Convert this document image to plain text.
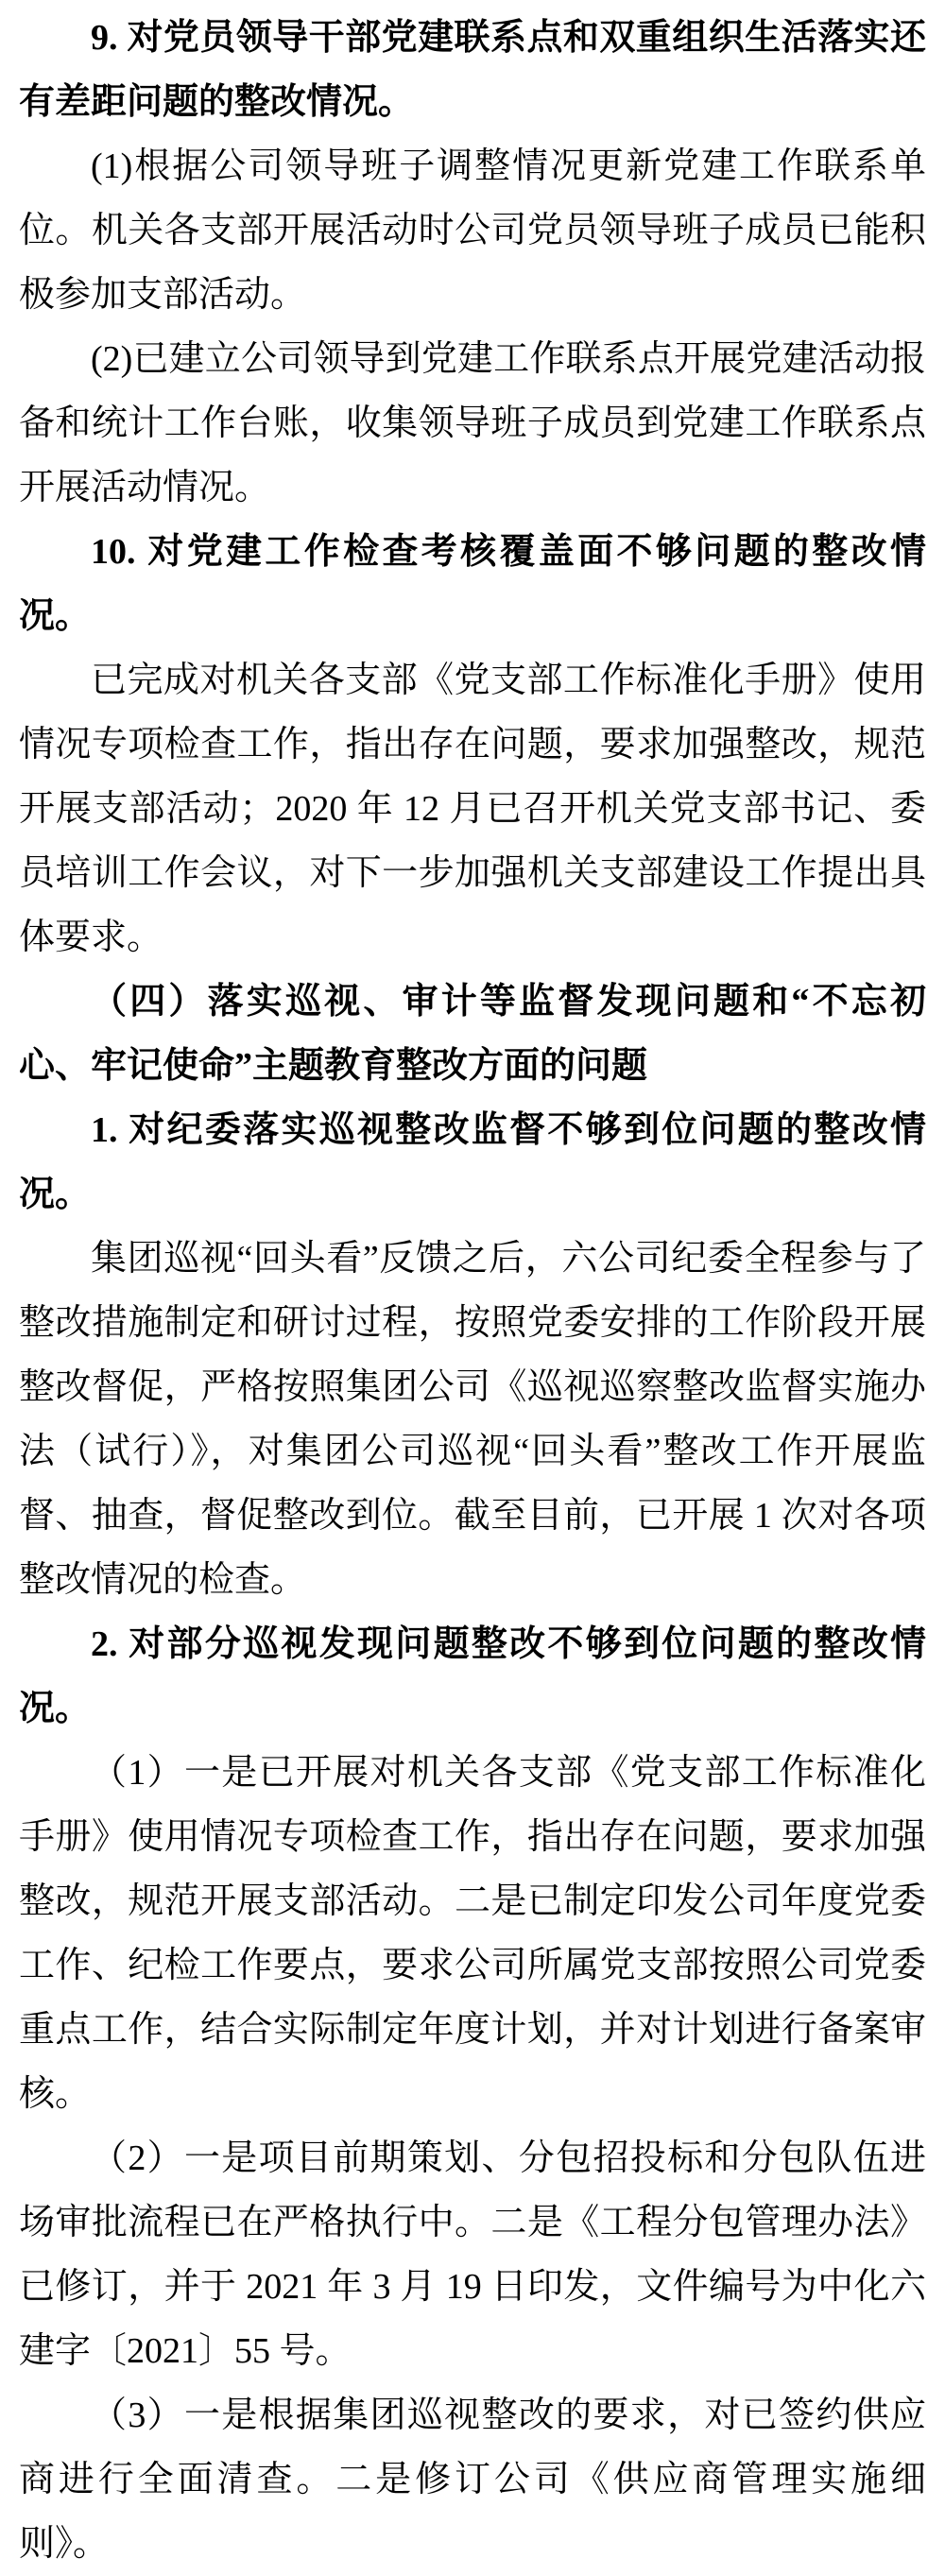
9. 对党员领导干部党建联系点和双重组织生活落实还有差距问题的整改情况。

(1)根据公司领导班子调整情况更新党建工作联系单位。机关各支部开展活动时公司党员领导班子成员已能积极参加支部活动。

(2)已建立公司领导到党建工作联系点开展党建活动报备和统计工作台账，收集领导班子成员到党建工作联系点开展活动情况。

10. 对党建工作检查考核覆盖面不够问题的整改情况。

已完成对机关各支部《党支部工作标准化手册》使用情况专项检查工作，指出存在问题，要求加强整改，规范开展支部活动；2020 年 12 月已召开机关党支部书记、委员培训工作会议，对下一步加强机关支部建设工作提出具体要求。

（四）落实巡视、审计等监督发现问题和“不忘初心、牢记使命”主题教育整改方面的问题

1. 对纪委落实巡视整改监督不够到位问题的整改情况。

集团巡视“回头看”反馈之后，六公司纪委全程参与了整改措施制定和研讨过程，按照党委安排的工作阶段开展整改督促，严格按照集团公司《巡视巡察整改监督实施办法（试行）》，对集团公司巡视“回头看”整改工作开展监督、抽查，督促整改到位。截至目前，已开展 1 次对各项整改情况的检查。

2. 对部分巡视发现问题整改不够到位问题的整改情况。

（1）一是已开展对机关各支部《党支部工作标准化手册》使用情况专项检查工作，指出存在问题，要求加强整改，规范开展支部活动。二是已制定印发公司年度党委工作、纪检工作要点，要求公司所属党支部按照公司党委重点工作，结合实际制定年度计划，并对计划进行备案审核。

（2）一是项目前期策划、分包招投标和分包队伍进场审批流程已在严格执行中。二是《工程分包管理办法》已修订，并于 2021 年 3 月 19 日印发，文件编号为中化六建字〔2021〕55 号。

（3）一是根据集团巡视整改的要求，对已签约供应商进行全面清查。二是修订公司《供应商管理实施细则》。
